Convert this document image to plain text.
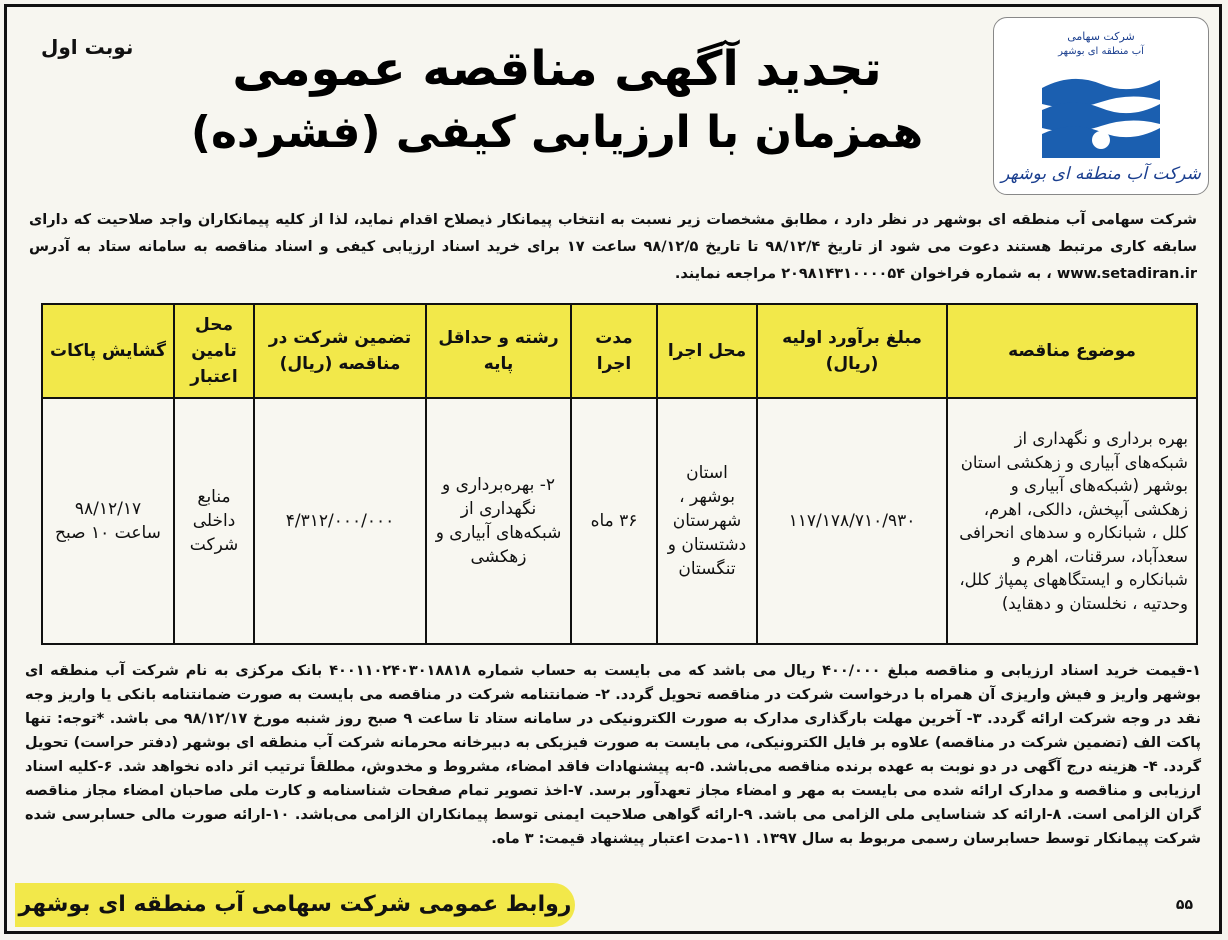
شرکت سهامی
آب منطقه ای بوشهر
شرکت آب منطقه ای بوشهر
نوبت اول	تجدید آگهی مناقصه عمومی
همزمان با ارزیابی کیفی (فشرده)
شرکت سهامی آب منطقه ای بوشهر در نظر دارد ، مطابق مشخصات زیر نسبت به انتخاب پیمانکار ذیصلاح اقدام نماید، لذا از کلیه پیمانکاران واجد صلاحیت که دارای سابقه کاری مرتبط هستند دعوت می شود از تاریخ ۹۸/۱۲/۴ تا تاریخ ۹۸/۱۲/۵ ساعت ۱۷ برای خرید اسناد ارزیابی کیفی و اسناد مناقصه به سامانه ستاد به آدرس www.setadiran.ir ، به شماره فراخوان ۲۰۹۸۱۴۳۱۰۰۰۰۵۴ مراجعه نمایند.
موضوع مناقصه	مبلغ برآورد اولیه (ریال)	محل اجرا	مدت اجرا	رشته و حداقل پایه	تضمین شرکت در مناقصه (ریال)	محل تامین اعتبار	گشایش پاکات
بهره برداری و نگهداری از شبکه‌های آبیاری و زهکشی استان بوشهر (شبکه‌های آبیاری و زهکشی آبپخش، دالکی، اهرم، کلل ، شبانکاره و سدهای انحرافی سعدآباد، سرقنات، اهرم و شبانکاره و ایستگاههای پمپاژ کلل، وحدتیه ، نخلستان و دهقاید)	۱۱۷/۱۷۸/۷۱۰/۹۳۰	استان بوشهر ، شهرستان دشتستان و تنگستان	۳۶ ماه	۲- بهره‌برداری و نگهداری از شبکه‌های آبیاری و زهکشی	۴/۳۱۲/۰۰۰/۰۰۰	منابع داخلی شرکت	۹۸/۱۲/۱۷ ساعت ۱۰ صبح
۱-قیمت خرید اسناد ارزیابی و مناقصه مبلغ ۴۰۰/۰۰۰ ریال می باشد که می بایست به حساب شماره ۴۰۰۱۱۰۲۴۰۳۰۱۸۸۱۸ بانک مرکزی به نام شرکت آب منطقه ای بوشهر واریز و فیش واریزی آن همراه با درخواست شرکت در مناقصه تحویل گردد. ۲- ضمانتنامه شرکت در مناقصه می بایست به صورت ضمانتنامه بانکی یا واریز وجه نقد در وجه شرکت ارائه گردد. ۳- آخرین مهلت بارگذاری مدارک به صورت الکترونیکی در سامانه ستاد تا ساعت ۹ صبح روز شنبه مورخ ۹۸/۱۲/۱۷ می باشد. *توجه: تنها پاکت الف (تضمین شرکت در مناقصه) علاوه بر فایل الکترونیکی، می بایست به صورت فیزیکی به دبیرخانه محرمانه شرکت آب منطقه ای بوشهر (دفتر حراست) تحویل گردد. ۴- هزینه درج آگهی در دو نوبت به عهده برنده مناقصه می‌باشد. ۵-به پیشنهادات فاقد امضاء، مشروط و مخدوش، مطلقاً ترتیب اثر داده نخواهد شد. ۶-کلیه اسناد ارزیابی و مناقصه و مدارک ارائه شده می بایست به مهر و امضاء مجاز تعهدآور برسد. ۷-اخذ تصویر تمام صفحات شناسنامه و کارت ملی صاحبان امضاء مجاز مناقصه گران الزامی است. ۸-ارائه کد شناسایی ملی الزامی می باشد. ۹-ارائه گواهی صلاحیت ایمنی توسط پیمانکاران الزامی می‌باشد. ۱۰-ارائه صورت مالی حسابرسی شده شرکت پیمانکار توسط حسابرسان رسمی مربوط به سال ۱۳۹۷. ۱۱-مدت اعتبار پیشنهاد قیمت: ۳ ماه.
روابط عمومی شرکت سهامی آب منطقه ای بوشهر	۵۵
